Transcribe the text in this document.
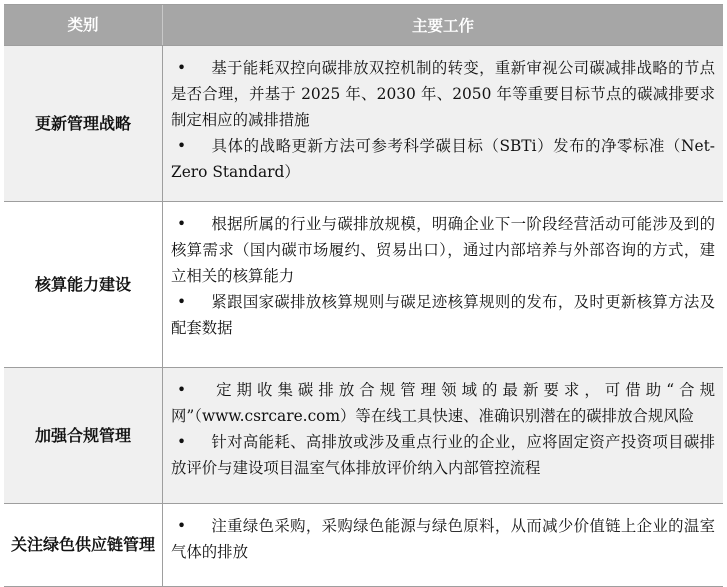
类别	主要工作
更新管理战略
• 基于能耗双控向碳排放双控机制的转变，重新审视公司碳减排战略的节点是否合理，并基于 2025 年、2030 年、2050 年等重要目标节点的碳减排要求制定相应的减排措施
• 具体的战略更新方法可参考科学碳目标（SBTi）发布的净零标准（Net-Zero Standard）
核算能力建设
• 根据所属的行业与碳排放规模，明确企业下一阶段经营活动可能涉及到的核算需求（国内碳市场履约、贸易出口），通过内部培养与外部咨询的方式，建立相关的核算能力
• 紧跟国家碳排放核算规则与碳足迹核算规则的发布，及时更新核算方法及配套数据
加强合规管理
• 定期收集碳排放合规管理领域的最新要求，可借助“合规网”（www.csrcare.com）等在线工具快速、准确识别潜在的碳排放合规风险
• 针对高能耗、高排放或涉及重点行业的企业，应将固定资产投资项目碳排放评价与建设项目温室气体排放评价纳入内部管控流程
关注绿色供应链管理
• 注重绿色采购，采购绿色能源与绿色原料，从而减少价值链上企业的温室气体的排放
